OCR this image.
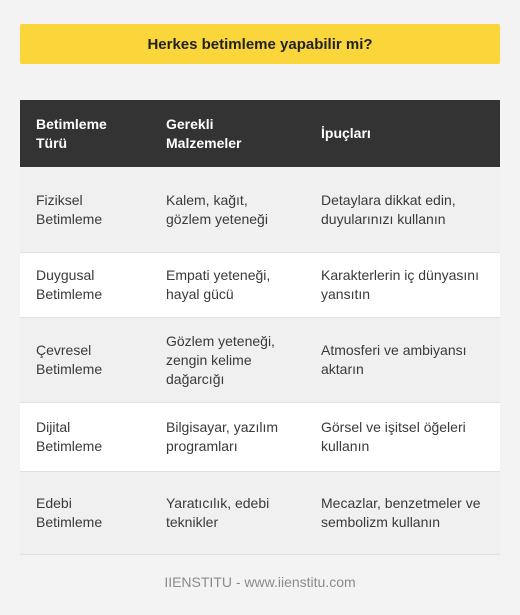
Herkes betimleme yapabilir mi?
Betimleme Türü	Gerekli Malzemeler	İpuçları
Fiziksel Betimleme	Kalem, kağıt, gözlem yeteneği	Detaylara dikkat edin, duyularınızı kullanın
Duygusal Betimleme	Empati yeteneği, hayal gücü	Karakterlerin iç dünyasını yansıtın
Çevresel Betimleme	Gözlem yeteneği, zengin kelime dağarcığı	Atmosferi ve ambiyansı aktarın
Dijital Betimleme	Bilgisayar, yazılım programları	Görsel ve işitsel öğeleri kullanın
Edebi Betimleme	Yaratıcılık, edebi teknikler	Mecazlar, benzetmeler ve sembolizm kullanın
IIENSTITU - www.iienstitu.com
